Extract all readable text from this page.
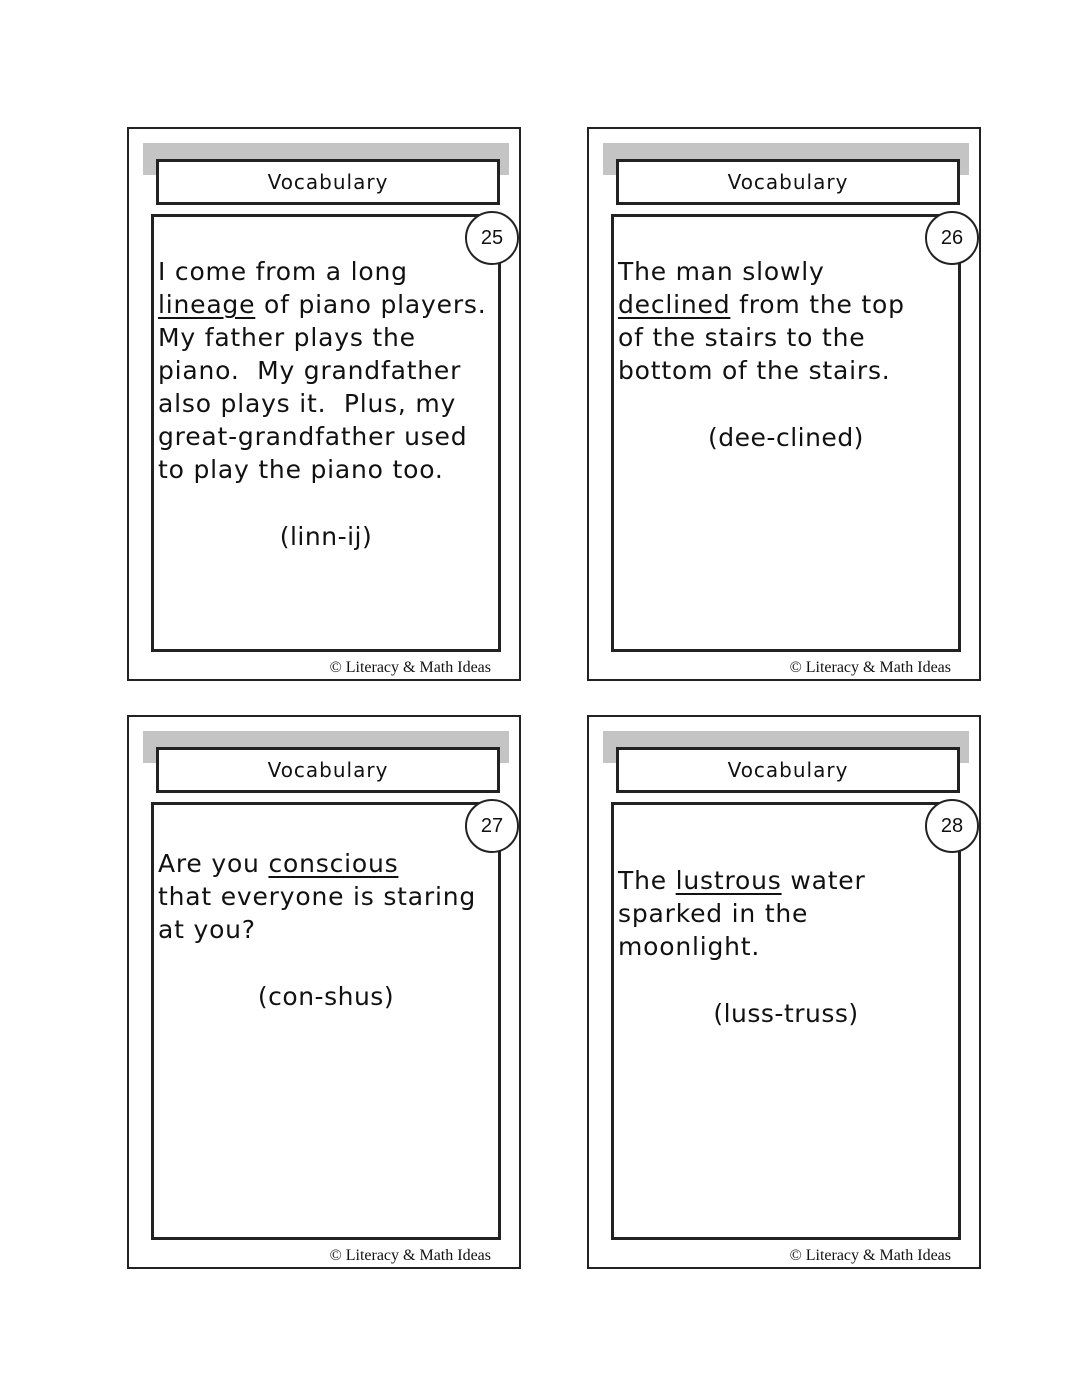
Vocabulary
25

I come from a long
lineage of piano players.
My father plays the
piano.  My grandfather
also plays it.  Plus, my
great-grandfather used
to play the piano too.

(linn-ij)
© Literacy & Math Ideas
Vocabulary
26

The man slowly
declined from the top
of the stairs to the
bottom of the stairs.

(dee-clined)
© Literacy & Math Ideas
Vocabulary
27

Are you conscious
that everyone is staring
at you?

(con-shus)
© Literacy & Math Ideas
Vocabulary
28

The lustrous water
sparked in the
moonlight.

(luss-truss)
© Literacy & Math Ideas
